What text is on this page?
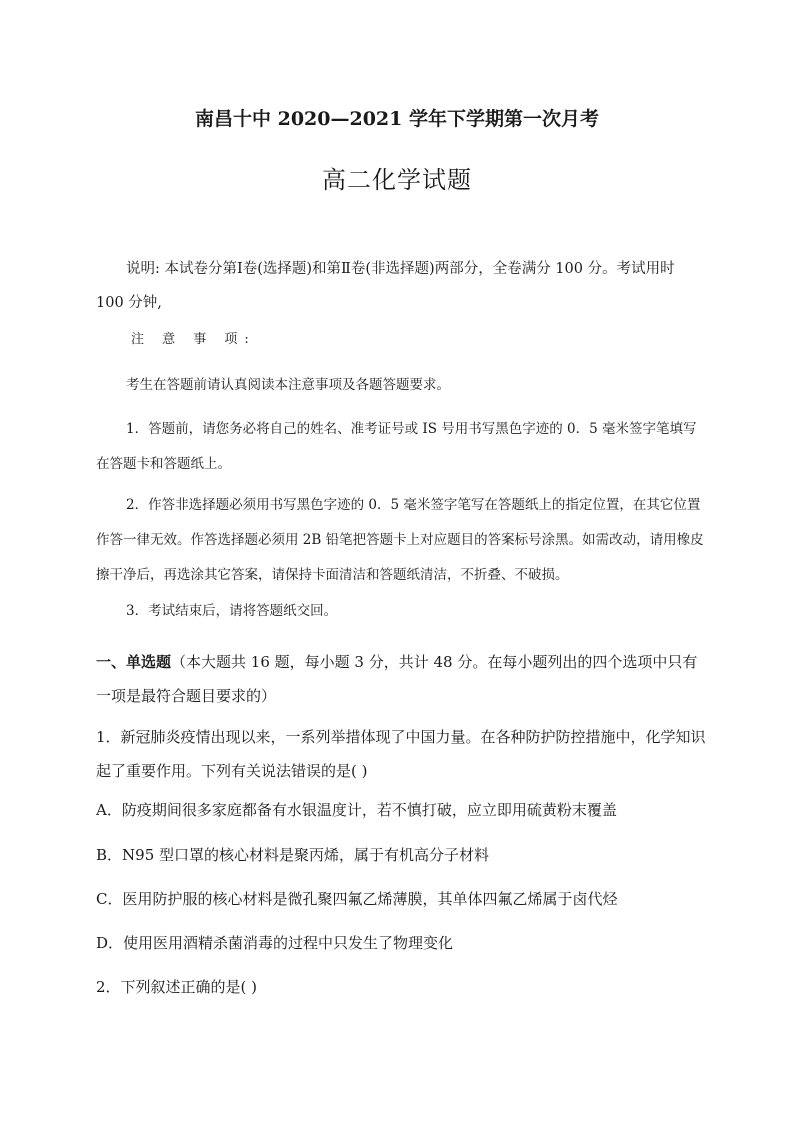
南昌十中 2020—2021 学年下学期第一次月考
高二化学试题
说明: 本试卷分第Ⅰ卷(选择题)和第Ⅱ卷(非选择题)两部分，全卷满分 100 分。考试用时 100 分钟,
注 意 事 项:
考生在答题前请认真阅读本注意事项及各题答题要求。
1．答题前，请您务必将自己的姓名、准考证号或 IS 号用书写黑色字迹的 0．5 毫米签字笔填写在答题卡和答题纸上。
2．作答非选择题必须用书写黑色字迹的 0．5 毫米签字笔写在答题纸上的指定位置，在其它位置作答一律无效。作答选择题必须用 2B 铅笔把答题卡上对应题目的答案标号涂黑。如需改动，请用橡皮擦干净后，再选涂其它答案，请保持卡面清洁和答题纸清洁，不折叠、不破损。
3．考试结束后，请将答题纸交回。
一、单选题（本大题共 16 题，每小题 3 分，共计 48 分。在每小题列出的四个选项中只有一项是最符合题目要求的）
1．新冠肺炎疫情出现以来，一系列举措体现了中国力量。在各种防护防控措施中，化学知识起了重要作用。下列有关说法错误的是( )
A．防疫期间很多家庭都备有水银温度计，若不慎打破，应立即用硫黄粉末覆盖
B．N95 型口罩的核心材料是聚丙烯，属于有机高分子材料
C．医用防护服的核心材料是微孔聚四氟乙烯薄膜，其单体四氟乙烯属于卤代烃
D．使用医用酒精杀菌消毒的过程中只发生了物理变化
2．下列叙述正确的是( )
